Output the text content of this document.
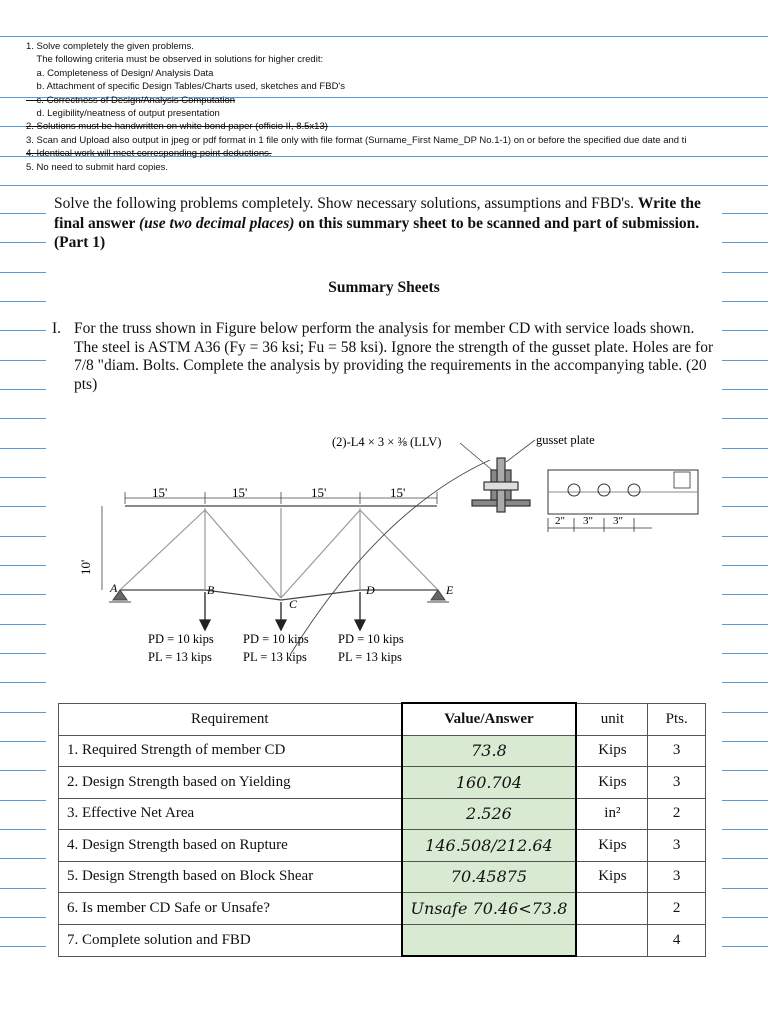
1. Solve completely the given problems.
The following criteria must be observed in solutions for higher credit:
a. Completeness of Design/ Analysis Data
b. Attachment of specific Design Tables/Charts used, sketches and FBD's
c. Correctness of Design/Analysis Computation
d. Legibility/neatness of output presentation
2. Solutions must be handwritten on white bond paper (officio II, 8.5x13)
3. Scan and Upload also output in jpeg or pdf format in 1 file only with file format (Surname_First Name_DP No.1-1) on or before the specified due date and ti
4. Identical work will meet corresponding point deductions.
5. No need to submit hard copies.
Solve the following problems completely. Show necessary solutions, assumptions and FBD's. Write the final answer (use two decimal places) on this summary sheet to be scanned and part of submission. (Part 1)
Summary Sheets
I. For the truss shown in Figure below perform the analysis for member CD with service loads shown. The steel is ASTM A36 (Fy = 36 ksi; Fu = 58 ksi). Ignore the strength of the gusset plate. Holes are for 7/8 "diam. Bolts. Complete the analysis by providing the requirements in the accompanying table. (20 pts)
15'	15'	15'	15'
10'
A	B
C
D	E
PD = 10 kips
PL = 13 kips
PD = 10 kips
PL = 13 kips
PD = 10 kips
PL = 13 kips
(2)-L4 × 3 × ⅜ (LLV)	gusset plate
2" 3" 3"
Requirement	Value/Answer	unit	Pts.
1. Required Strength of member CD	73.8	Kips	3
2. Design Strength based on Yielding	160.704	Kips	3
3. Effective Net Area	2.526	in²	2
4. Design Strength based on Rupture	146.508/212.64	Kips	3
5. Design Strength based on Block Shear	70.45875	Kips	3
6. Is member CD Safe or Unsafe?	Unsafe 70.46<73.8		2
7. Complete solution and FBD			4
